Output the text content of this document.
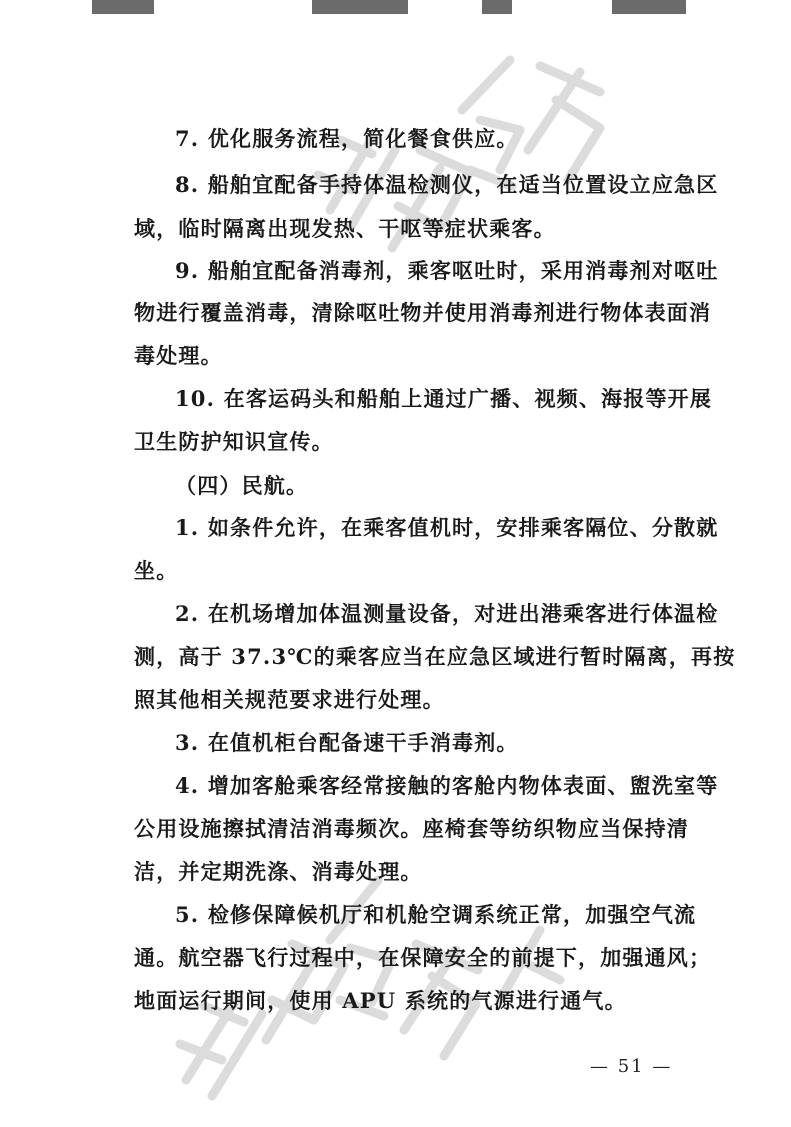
7. 优化服务流程，简化餐食供应。
8. 船舶宜配备手持体温检测仪，在适当位置设立应急区
域，临时隔离出现发热、干呕等症状乘客。
9. 船舶宜配备消毒剂，乘客呕吐时，采用消毒剂对呕吐
物进行覆盖消毒，清除呕吐物并使用消毒剂进行物体表面消
毒处理。
10. 在客运码头和船舶上通过广播、视频、海报等开展
卫生防护知识宣传。
（四）民航。
1. 如条件允许，在乘客值机时，安排乘客隔位、分散就
坐。
2. 在机场增加体温测量设备，对进出港乘客进行体温检
测，高于 37.3℃的乘客应当在应急区域进行暂时隔离，再按
照其他相关规范要求进行处理。
3. 在值机柜台配备速干手消毒剂。
4. 增加客舱乘客经常接触的客舱内物体表面、盥洗室等
公用设施擦拭清洁消毒频次。座椅套等纺织物应当保持清
洁，并定期洗涤、消毒处理。
5. 检修保障候机厅和机舱空调系统正常，加强空气流
通。航空器飞行过程中，在保障安全的前提下，加强通风；
地面运行期间，使用 APU 系统的气源进行通气。
— 51 —
